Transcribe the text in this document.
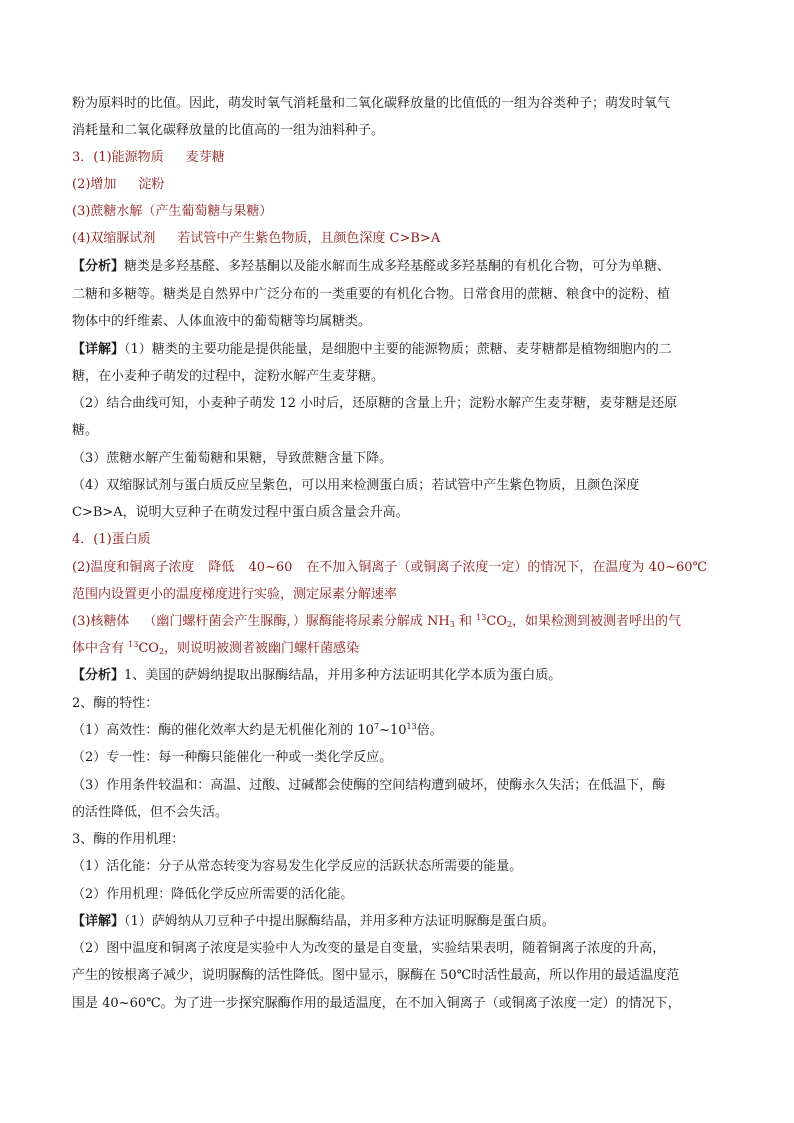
粉为原料时的比值。因此，萌发时氧气消耗量和二氧化碳释放量的比值低的一组为谷类种子；萌发时氧气
消耗量和二氧化碳释放量的比值高的一组为油料种子。
3．(1)能源物质 麦芽糖
(2)增加 淀粉
(3)蔗糖水解（产生葡萄糖与果糖）
(4)双缩脲试剂 若试管中产生紫色物质，且颜色深度 C>B>A
【分析】糖类是多羟基醛、多羟基酮以及能水解而生成多羟基醛或多羟基酮的有机化合物，可分为单糖、
二糖和多糖等。糖类是自然界中广泛分布的一类重要的有机化合物。日常食用的蔗糖、粮食中的淀粉、植
物体中的纤维素、人体血液中的葡萄糖等均属糖类。
【详解】（1）糖类的主要功能是提供能量，是细胞中主要的能源物质；蔗糖、麦芽糖都是植物细胞内的二
糖，在小麦种子萌发的过程中，淀粉水解产生麦芽糖。
（2）结合曲线可知，小麦种子萌发 12 小时后，还原糖的含量上升；淀粉水解产生麦芽糖，麦芽糖是还原
糖。
（3）蔗糖水解产生葡萄糖和果糖，导致蔗糖含量下降。
（4）双缩脲试剂与蛋白质反应呈紫色，可以用来检测蛋白质；若试管中产生紫色物质，且颜色深度
C>B>A，说明大豆种子在萌发过程中蛋白质含量会升高。
4．(1)蛋白质
(2)温度和铜离子浓度 降低 40~60 在不加入铜离子（或铜离子浓度一定）的情况下，在温度为 40~60℃
范围内设置更小的温度梯度进行实验，测定尿素分解速率
(3)核糖体 （幽门螺杆菌会产生脲酶，）脲酶能将尿素分解成 $NH_3$ 和 $^{13}CO_2$，如果检测到被测者呼出的气
体中含有 $^{13}CO_2$，则说明被测者被幽门螺杆菌感染
【分析】1、美国的萨姆纳提取出脲酶结晶，并用多种方法证明其化学本质为蛋白质。
2、酶的特性：
（1）高效性：酶的催化效率大约是无机催化剂的 $10^7\sim 10^{13}$倍。
（2）专一性：每一种酶只能催化一种或一类化学反应。
（3）作用条件较温和：高温、过酸、过碱都会使酶的空间结构遭到破坏，使酶永久失活；在低温下，酶
的活性降低，但不会失活。
3、酶的作用机理：
（1）活化能：分子从常态转变为容易发生化学反应的活跃状态所需要的能量。
（2）作用机理：降低化学反应所需要的活化能。
【详解】（1）萨姆纳从刀豆种子中提出脲酶结晶，并用多种方法证明脲酶是蛋白质。
（2）图中温度和铜离子浓度是实验中人为改变的量是自变量，实验结果表明，随着铜离子浓度的升高，
产生的铵根离子减少，说明脲酶的活性降低。图中显示，脲酶在 50℃时活性最高，所以作用的最适温度范
围是 40~60℃。为了进一步探究脲酶作用的最适温度，在不加入铜离子（或铜离子浓度一定）的情况下，
